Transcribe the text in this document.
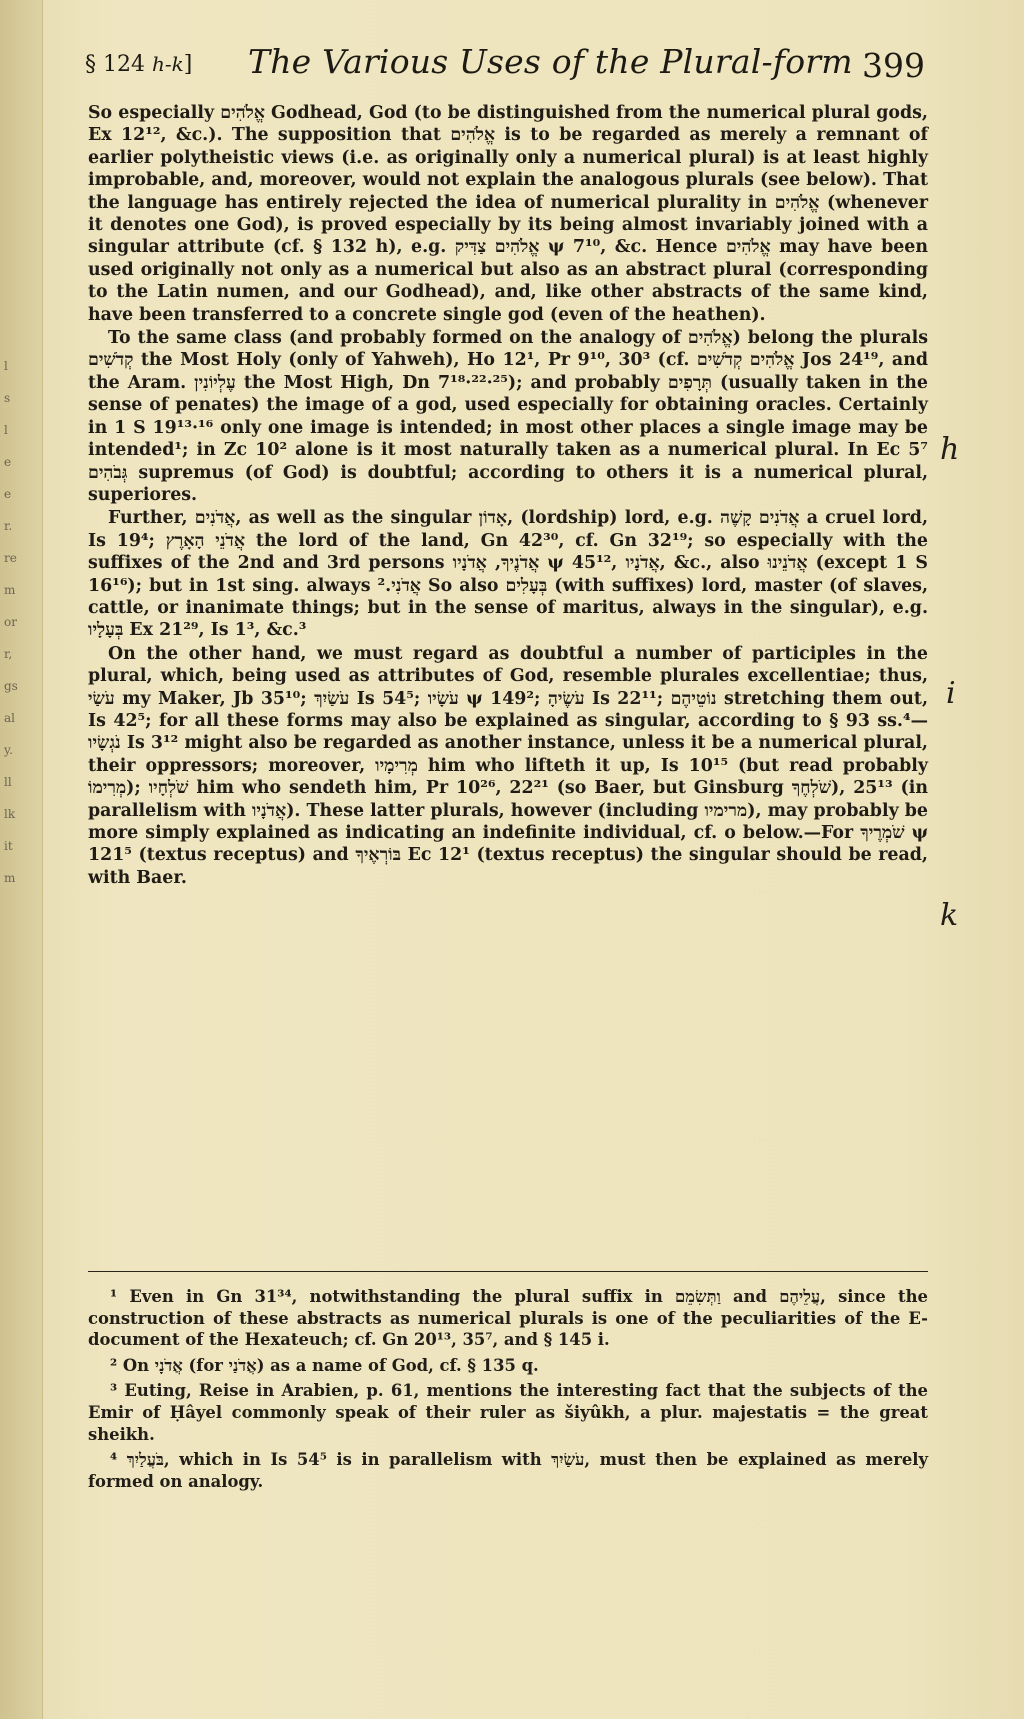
l
s
l
e
e
r.
re
m
or
r,
gs
al
y.
ll
lk
it
m
§ 124 h-k] The Various Uses of the Plural-form 399
h
i
k

So especially אֱלֹהִים Godhead, God (to be distinguished from the numerical plural gods, Ex 12¹², &c.). The supposition that אֱלֹהִים is to be regarded as merely a remnant of earlier polytheistic views (i.e. as originally only a numerical plural) is at least highly improbable, and, moreover, would not explain the analogous plurals (see below). That the language has entirely rejected the idea of numerical plurality in אֱלֹהִים (whenever it denotes one God), is proved especially by its being almost invariably joined with a singular attribute (cf. § 132 h), e.g. אֱלֹהִים צַדִּיק ψ 7¹⁰, &c. Hence אֱלֹהִים may have been used originally not only as a numerical but also as an abstract plural (corresponding to the Latin numen, and our Godhead), and, like other abstracts of the same kind, have been transferred to a concrete single god (even of the heathen).

To the same class (and probably formed on the analogy of אֱלֹהִים) belong the plurals קְדֹשִׁים the Most Holy (only of Yahweh), Ho 12¹, Pr 9¹⁰, 30³ (cf. אֱלֹהִים קְדֹשִׁים Jos 24¹⁹, and the Aram. עֶלְיוֹנִין the Most High, Dn 7¹⁸·²²·²⁵); and probably תְּרָפִים (usually taken in the sense of penates) the image of a god, used especially for obtaining oracles. Certainly in 1 S 19¹³·¹⁶ only one image is intended; in most other places a single image may be intended¹; in Zc 10² alone is it most naturally taken as a numerical plural. In Ec 5⁷ גְּבֹהִים supremus (of God) is doubtful; according to others it is a numerical plural, superiores.

Further, אֲדֹנִים, as well as the singular אָדוֹן, (lordship) lord, e.g. אֲדֹנִים קָשֶׁה a cruel lord, Is 19⁴; אֲדֹנֵי הָאָרֶץ the lord of the land, Gn 42³⁰, cf. Gn 32¹⁹; so especially with the suffixes of the 2nd and 3rd persons אֲדֹנֶיךָ, אֲדֹנָיו ψ 45¹², אֲדֹנָיו, &c., also אֲדֹנֵינוּ (except 1 S 16¹⁶); but in 1st sing. always אֲדֹנִי.² So also בְּעָלִים (with suffixes) lord, master (of slaves, cattle, or inanimate things; but in the sense of maritus, always in the singular), e.g. בְּעָלָיו Ex 21²⁹, Is 1³, &c.³

On the other hand, we must regard as doubtful a number of participles in the plural, which, being used as attributes of God, resemble plurales excellentiae; thus, עֹשַׂי my Maker, Jb 35¹⁰; עֹשַׂיִךְ Is 54⁵; עֹשָׂיו ψ 149²; עֹשֶׂיהָ Is 22¹¹; נוֹטֵיהֶם stretching them out, Is 42⁵; for all these forms may also be explained as singular, according to § 93 ss.⁴—נֹגְשָׂיו Is 3¹² might also be regarded as another instance, unless it be a numerical plural, their oppressors; moreover, מְרִימָיו him who lifteth it up, Is 10¹⁵ (but read probably מְרִימוֹ); שֹׁלְחָיו him who sendeth him, Pr 10²⁶, 22²¹ (so Baer, but Ginsburg שֹׁלְחֶךָ), 25¹³ (in parallelism with אֲדֹנָיו). These latter plurals, however (including מרימיו), may probably be more simply explained as indicating an indefinite individual, cf. o below.—For שֹׁמְרֶיךָ ψ 121⁵ (textus receptus) and בּוֹרְאֶיךָ Ec 12¹ (textus receptus) the singular should be read, with Baer.

¹ Even in Gn 31³⁴, notwithstanding the plural suffix in וַתְּשִׂמֵם and עֲלֵיהֶם, since the construction of these abstracts as numerical plurals is one of the peculiarities of the E-document of the Hexateuch; cf. Gn 20¹³, 35⁷, and § 145 i.

² On אֲדֹנָי (for אֲדֹנַי) as a name of God, cf. § 135 q.

³ Euting, Reise in Arabien, p. 61, mentions the interesting fact that the subjects of the Emir of Ḥâyel commonly speak of their ruler as šiyûkh, a plur. majestatis = the great sheikh.

⁴ בֹּעֲלַיִךְ, which in Is 54⁵ is in parallelism with עֹשַׂיִךְ, must then be explained as merely formed on analogy.
